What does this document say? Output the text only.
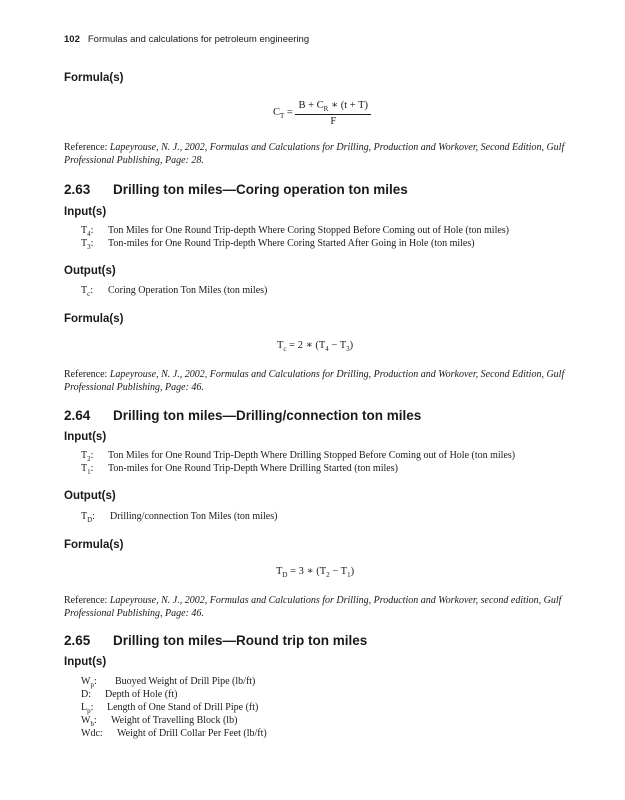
102 Formulas and calculations for petroleum engineering
Formula(s)
$C_T = \frac{B + C_R ∗ (t + T)}{F}$
Reference: Lapeyrouse, N. J., 2002, Formulas and Calculations for Drilling, Production and Workover, Second Edition, Gulf Professional Publishing, Page: 28.
2.63 Drilling ton miles—Coring operation ton miles
Input(s)
$T_4$: Ton Miles for One Round Trip-depth Where Coring Stopped Before Coming out of Hole (ton miles)
$T_3$: Ton-miles for One Round Trip-depth Where Coring Started After Going in Hole (ton miles)
Output(s)
$T_c$: Coring Operation Ton Miles (ton miles)
Formula(s)
$T_c = 2$ ∗ $(T_4 - T_3)$
Reference: Lapeyrouse, N. J., 2002, Formulas and Calculations for Drilling, Production and Workover, Second Edition, Gulf Professional Publishing, Page: 46.
2.64 Drilling ton miles—Drilling/connection ton miles
Input(s)
$T_2$: Ton Miles for One Round Trip-Depth Where Drilling Stopped Before Coming out of Hole (ton miles)
$T_1$: Ton-miles for One Round Trip-Depth Where Drilling Started (ton miles)
Output(s)
$T_D$: Drilling/connection Ton Miles (ton miles)
Formula(s)
$T_D = 3$ ∗ $(T_2 - T_1)$
Reference: Lapeyrouse, N. J., 2002, Formulas and Calculations for Drilling, Production and Workover, second edition, Gulf Professional Publishing, Page: 46.
2.65 Drilling ton miles—Round trip ton miles
Input(s)
$W_p$: Buoyed Weight of Drill Pipe (lb/ft)
D: Depth of Hole (ft)
$L_p$: Length of One Stand of Drill Pipe (ft)
$W_b$: Weight of Travelling Block (lb)
Wdc: Weight of Drill Collar Per Feet (lb/ft)
